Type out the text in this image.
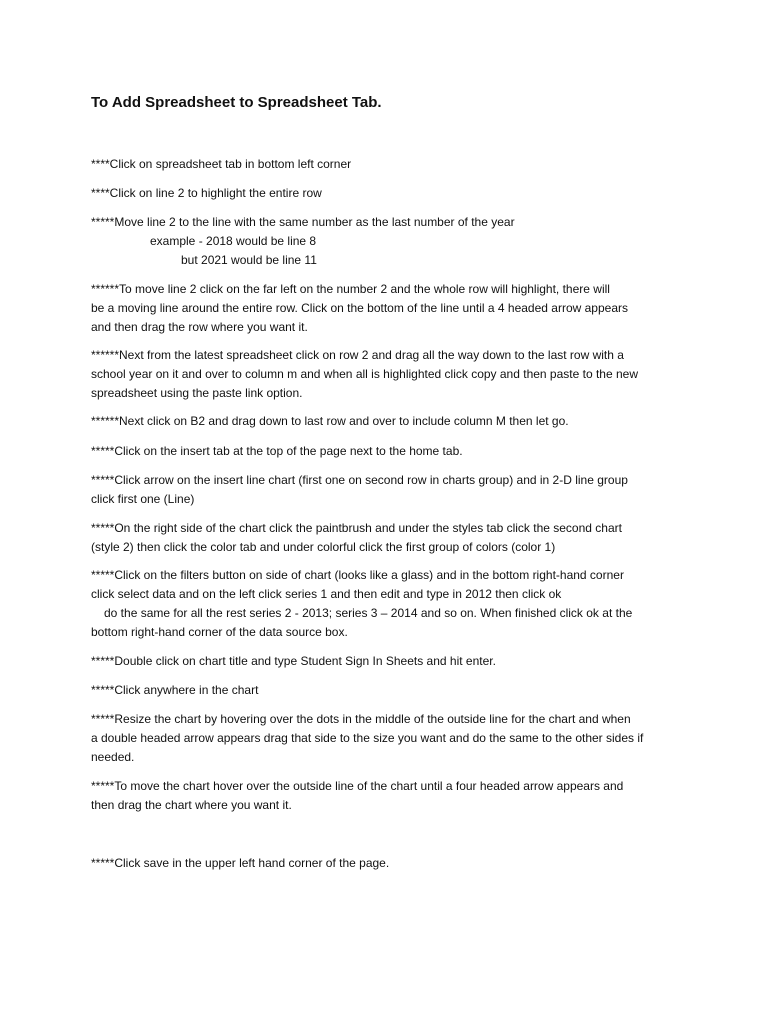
To Add Spreadsheet to Spreadsheet Tab.

****Click on spreadsheet tab in bottom left corner

****Click on line 2 to highlight the entire row

*****Move line 2 to the line with the same number as the last number of the year
example - 2018 would be line 8
but 2021 would be line 11

******To move line 2 click on the far left on the number 2 and the whole row will highlight, there will
be a moving line around the entire row. Click on the bottom of the line until a 4 headed arrow appears
and then drag the row where you want it.

******Next from the latest spreadsheet click on row 2 and drag all the way down to the last row with a
school year on it and over to column m and when all is highlighted click copy and then paste to the new
spreadsheet using the paste link option.

******Next click on B2 and drag down to last row and over to include column M then let go.

*****Click on the insert tab at the top of the page next to the home tab.

*****Click arrow on the insert line chart (first one on second row in charts group) and in 2-D line group
click first one (Line)

*****On the right side of the chart click the paintbrush and under the styles tab click the second chart
(style 2) then click the color tab and under colorful click the first group of colors (color 1)

*****Click on the filters button on side of chart (looks like a glass) and in the bottom right-hand corner
click select data and on the left click series 1 and then edit and type in 2012 then click ok
do the same for all the rest series 2 - 2013; series 3 – 2014 and so on. When finished click ok at the
bottom right-hand corner of the data source box.

*****Double click on chart title and type Student Sign In Sheets and hit enter.

*****Click anywhere in the chart

*****Resize the chart by hovering over the dots in the middle of the outside line for the chart and when
a double headed arrow appears drag that side to the size you want and do the same to the other sides if
needed.

*****To move the chart hover over the outside line of the chart until a four headed arrow appears and
then drag the chart where you want it.

*****Click save in the upper left hand corner of the page.
